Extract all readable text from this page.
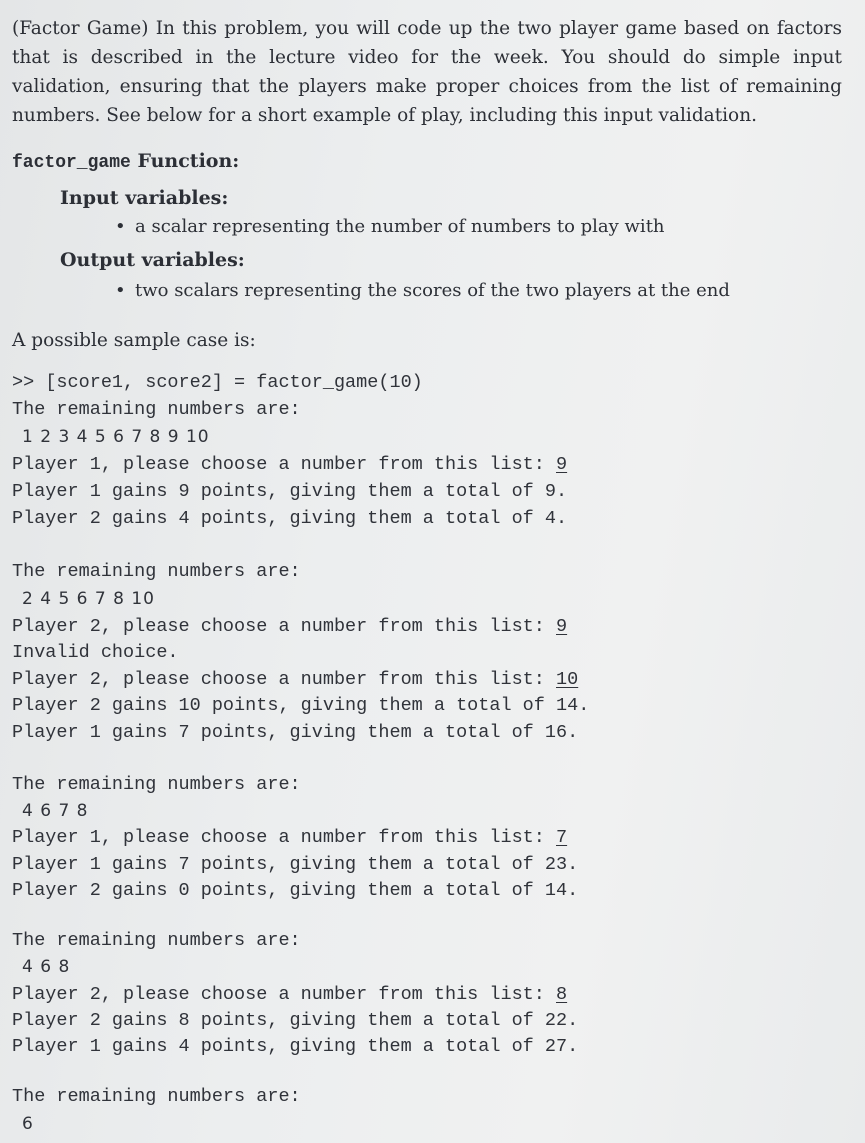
(Factor Game) In this problem, you will code up the two player game based on factors that is described in the lecture video for the week. You should do simple input validation, ensuring that the players make proper choices from the list of remaining numbers. See below for a short example of play, including this input validation.
factor_game Function:
Input variables:
• a scalar representing the number of numbers to play with
Output variables:
• two scalars representing the scores of the two players at the end
A possible sample case is:
>> [score1, score2] = factor_game(10)
The remaining numbers are:
1 2 3 4 5 6 7 8 9 10
Player 1, please choose a number from this list: 9
Player 1 gains 9 points, giving them a total of 9.
Player 2 gains 4 points, giving them a total of 4.
The remaining numbers are:
2 4 5 6 7 8 10
Player 2, please choose a number from this list: 9
Invalid choice.
Player 2, please choose a number from this list: 10
Player 2 gains 10 points, giving them a total of 14.
Player 1 gains 7 points, giving them a total of 16.
The remaining numbers are:
4 6 7 8
Player 1, please choose a number from this list: 7
Player 1 gains 7 points, giving them a total of 23.
Player 2 gains 0 points, giving them a total of 14.
The remaining numbers are:
4 6 8
Player 2, please choose a number from this list: 8
Player 2 gains 8 points, giving them a total of 22.
Player 1 gains 4 points, giving them a total of 27.
The remaining numbers are:
6
